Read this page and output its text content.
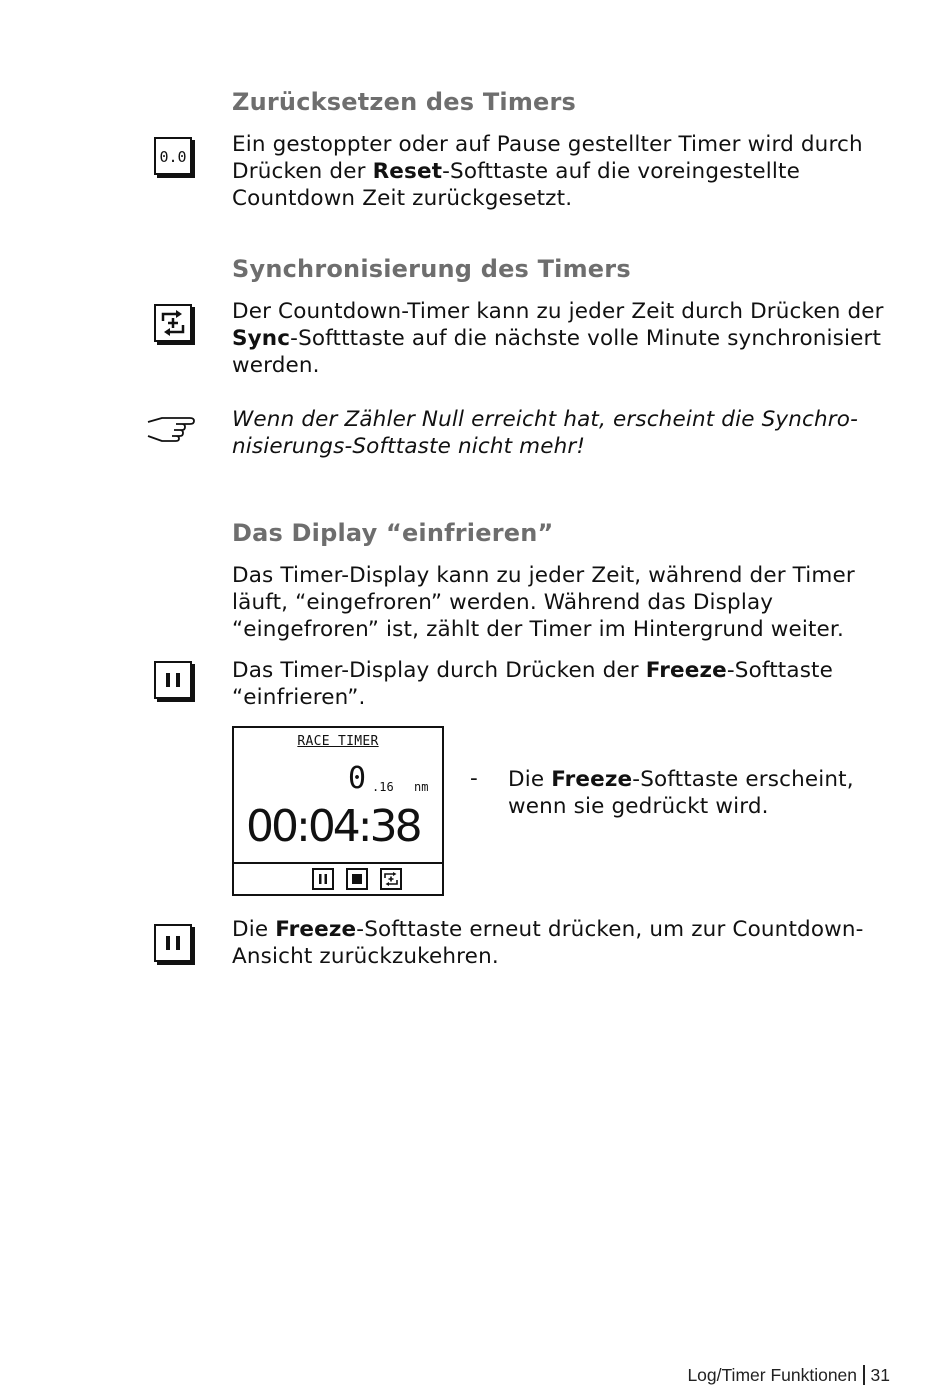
Zurücksetzen des Timers
0.0 Ein gestoppter oder auf Pause gestellter Timer wird durch Drücken der Reset-Softtaste auf die voreingestellte Countdown Zeit zurückgesetzt.

Synchronisierung des Timers

Der Countdown-Timer kann zu jeder Zeit durch Drücken der Sync-Softttaste auf die nächste volle Minute synchronisiert werden.

Wenn der Zähler Null erreicht hat, erscheint die Synchro-nisierungs-Softtaste nicht mehr!

Das Diplay “einfrieren”

Das Timer-Display kann zu jeder Zeit, während der Timer läuft, “eingefroren” werden. Während das Display “eingefroren” ist, zählt der Timer im Hintergrund weiter.

Das Timer-Display durch Drücken der Freeze-Softtaste “einfrieren”.

RACE TIMER
0 .16 nm
00:04:38
- Die Freeze-Softtaste erscheint, wenn sie gedrückt wird.

Die Freeze-Softtaste erneut drücken, um zur Countdown-Ansicht zurückzukehren.

Log/Timer Funktionen 31
